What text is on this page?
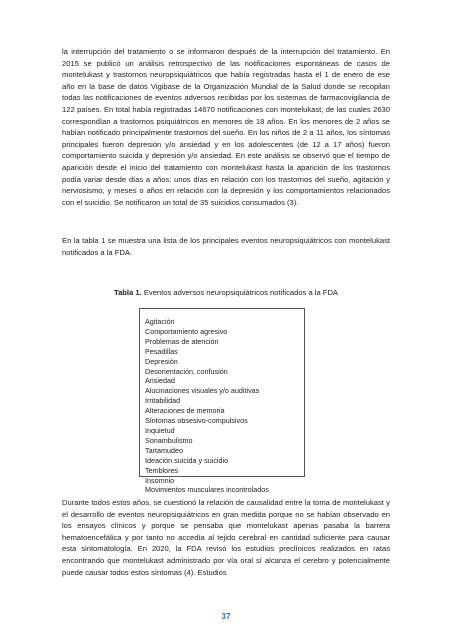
la interrupción del tratamiento o se informaron después de la interrupción del tratamiento. En 2015 se publicó un análisis retrospectivo de las notificaciones espontáneas de casos de montelukast y trastornos neuropsiquiátricos que había registradas hasta el 1 de enero de ese año en la base de datos Vigibase de la Organización Mundial de la Salud donde se recopilan todas las notificaciones de eventos adversos recibidas por los sistemas de farmacovigilancia de 122 países. En total había registradas 14670 notificaciones con montelukast, de las cuales 2630 correspondían a trastornos psiquiátricos en menores de 18 años. En los menores de 2 años se habían notificado principalmente trastornos del sueño. En los niños de 2 a 11 años, los síntomas principales fueron depresión y/o ansiedad y en los adolescentes (de 12 a 17 años) fueron comportamiento suicida y depresión y/o ansiedad. En este análisis se observó que el tiempo de aparición desde el inicio del tratamiento con montelukast hasta la aparición de los trastornos podía variar desde días a años: unos días en relación con los trastornos del sueño, agitación y nerviosismo, y meses o años en relación con la depresión y los comportamientos relacionados con el suicidio. Se notificaron un total de 35 suicidios consumados (3).

En la tabla 1 se muestra una lista de los principales eventos neuropsiquiátricos con montelukast notificados a la FDA.

Tabla 1. Eventos adversos neuropsiquiátricos notificados a la FDA
Agitación
Comportamiento agresivo
Problemas de atención
Pesadillas
Depresión
Desorientación, confusión
Ansiedad
Alucinaciones visuales y/o auditivas
Irritabilidad
Alteraciones de memoria
Síntomas obsesivo-compulsivos
Inquietud
Sonambulismo
Tartamudeo
Ideación suicida y suicidio
Temblores
Insomnio
Movimientos musculares incontrolados

Durante todos estos años, se cuestionó la relación de causalidad entre la toma de montelukast y el desarrollo de eventos neuropsiquiátricos en gran medida porque no se habían observado en los ensayos clínicos y porque se pensaba que montelukast apenas pasaba la barrera hematoencefálica y por tanto no accedía al tejido cerebral en cantidad suficiente para causar esta sintomatología. En 2020, la FDA revisó los estudios preclínicos realizados en ratas encontrando que montelukast administrado por vía oral sí alcanza el cerebro y potencialmente puede causar todos estos síntomas (4). Estudios

37
